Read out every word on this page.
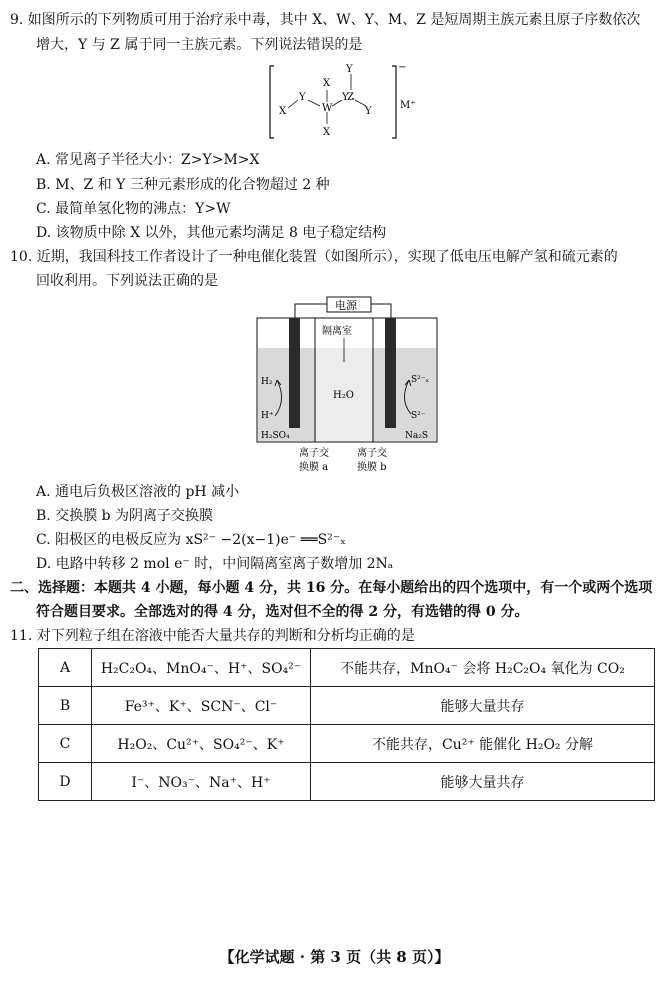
9. 如图所示的下列物质可用于治疗汞中毒，其中 X、W、Y、M、Z 是短周期主族元素且原子序数依次
增大，Y 与 Z 属于同一主族元素。下列说法错误的是
X
Y
X
W
X
Y
Y
Z
Y
−
M⁺
A. 常见离子半径大小：Z>Y>M>X
B. M、Z 和 Y 三种元素形成的化合物超过 2 种
C. 最简单氢化物的沸点：Y>W
D. 该物质中除 X 以外，其他元素均满足 8 电子稳定结构
10. 近期，我国科技工作者设计了一种电催化装置（如图所示），实现了低电压电解产氢和硫元素的
回收利用。下列说法正确的是
电源
隔离室
H₂O
H₂
H⁺
H₂SO₄
S²⁻ₓ
S²⁻
Na₂S
离子交
换膜 a
离子交
换膜 b
A. 通电后负极区溶液的 pH 减小
B. 交换膜 b 为阴离子交换膜
C. 阳极区的电极反应为 xS²⁻ −2(x−1)e⁻ ══S²⁻ₓ
D. 电路中转移 2 mol e⁻ 时，中间隔离室离子数增加 2Nₐ
二、选择题：本题共 4 小题，每小题 4 分，共 16 分。在每小题给出的四个选项中，有一个或两个选项
符合题目要求。全部选对的得 4 分，选对但不全的得 2 分，有选错的得 0 分。
11. 对下列粒子组在溶液中能否大量共存的判断和分析均正确的是
A	H₂C₂O₄、MnO₄⁻、H⁺、SO₄²⁻	不能共存，MnO₄⁻ 会将 H₂C₂O₄ 氧化为 CO₂
B	Fe³⁺、K⁺、SCN⁻、Cl⁻	能够大量共存
C	H₂O₂、Cu²⁺、SO₄²⁻、K⁺	不能共存，Cu²⁺ 能催化 H₂O₂ 分解
D	I⁻、NO₃⁻、Na⁺、H⁺	能够大量共存
【化学试题 · 第 3 页（共 8 页）】
